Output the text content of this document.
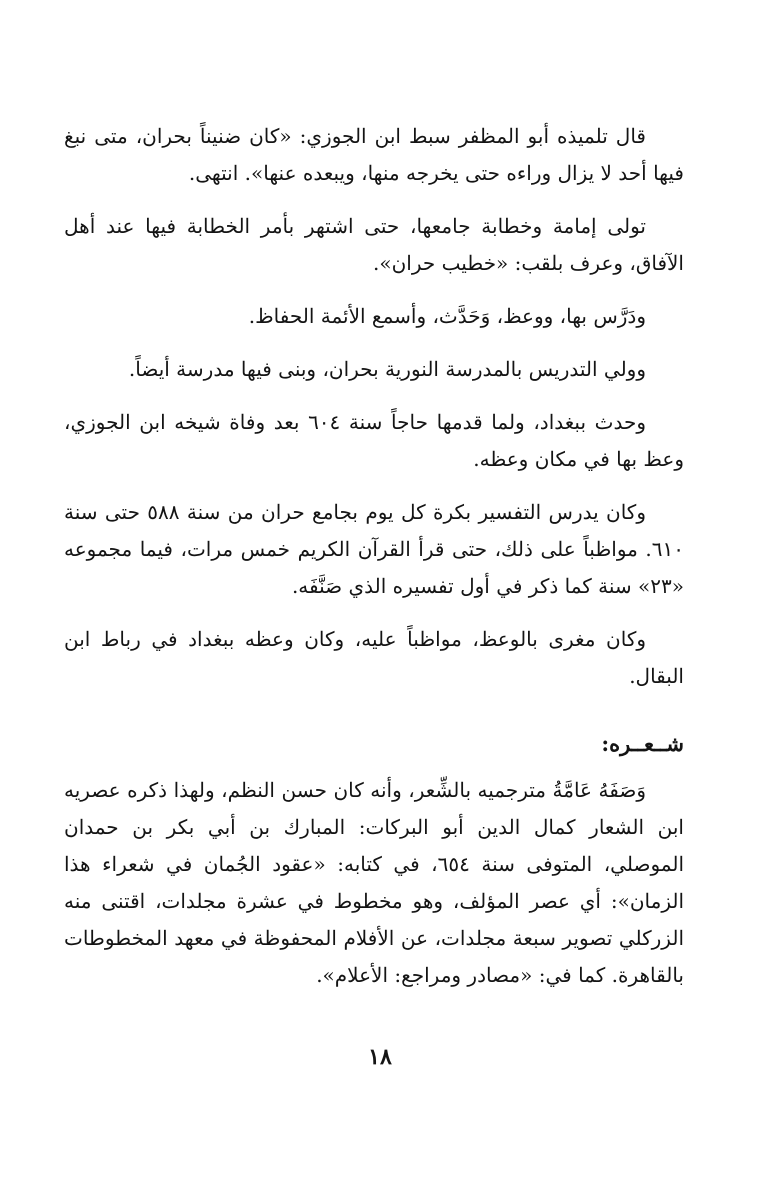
قال تلميذه أبو المظفر سبط ابن الجوزي: «كان ضنيناً بحران، متى نبغ فيها أحد لا يزال وراءه حتى يخرجه منها، ويبعده عنها». انتهى.

تولى إمامة وخطابة جامعها، حتى اشتهر بأمر الخطابة فيها عند أهل الآفاق، وعرف بلقب: «خطيب حران».

ودَرَّس بها، ووعظ، وَحَدَّث، وأسمع الأئمة الحفاظ.

وولي التدريس بالمدرسة النورية بحران، وبنى فيها مدرسة أيضاً.

وحدث ببغداد، ولما قدمها حاجاً سنة ٦٠٤ بعد وفاة شيخه ابن الجوزي، وعظ بها في مكان وعظه.

وكان يدرس التفسير بكرة كل يوم بجامع حران من سنة ٥٨٨ حتى سنة ٦١٠. مواظباً على ذلك، حتى قرأ القرآن الكريم خمس مرات، فيما مجموعه «٢٣» سنة كما ذكر في أول تفسيره الذي صَنَّفَه.

وكان مغرى بالوعظ، مواظباً عليه، وكان وعظه ببغداد في رباط ابن البقال.

شــعــره:

وَصَفَهُ عَامَّةُ مترجميه بالشِّعر، وأنه كان حسن النظم، ولهذا ذكره عصريه ابن الشعار كمال الدين أبو البركات: المبارك بن أبي بكر بن حمدان الموصلي، المتوفى سنة ٦٥٤، في كتابه: «عقود الجُمان في شعراء هذا الزمان»: أي عصر المؤلف، وهو مخطوط في عشرة مجلدات، اقتنى منه الزركلي تصوير سبعة مجلدات، عن الأفلام المحفوظة في معهد المخطوطات بالقاهرة. كما في: «مصادر ومراجع: الأعلام».

١٨
